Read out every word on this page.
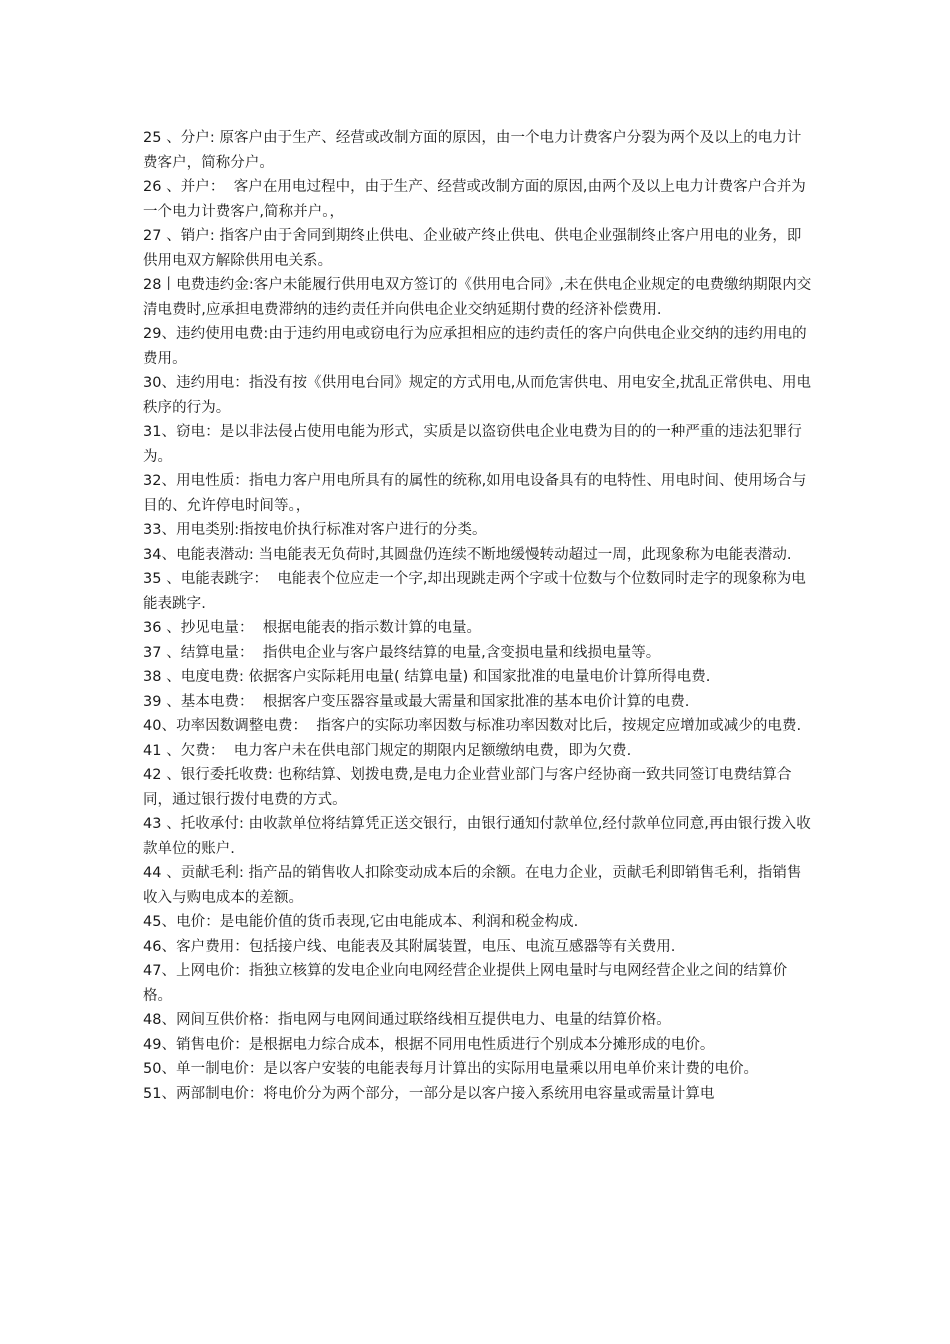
25 、分户: 原客户由于生产、经营或改制方面的原因，由一个电力计费客户分裂为两个及以上的电力计费客户，简称分户。

26 、并户：  客户在用电过程中，由于生产、经营或改制方面的原因,由两个及以上电力计费客户合并为一个电力计费客户,简称并户。，

27 、销户: 指客户由于舍同到期终止供电、企业破产终止供电、供电企业强制终止客户用电的业务，即供用电双方解除供用电关系。

28丨电费违约金:客户未能履行供用电双方签订的《供用电合同》,未在供电企业规定的电费缴纳期限内交清电费时,应承担电费滞纳的违约责任并向供电企业交纳延期付费的经济补偿费用.

29、违约使用电费:由于违约用电或窃电行为应承担相应的违约责任的客户向供电企业交纳的违约用电的费用。

30、违约用电：指没有按《供用电台同》规定的方式用电,从而危害供电、用电安全,扰乱正常供电、用电秩序的行为。

31、窃电：是以非法侵占使用电能为形式，实质是以盗窃供电企业电费为目的的一种严重的违法犯罪行为。

32、用电性质：指电力客户用电所具有的属性的统称,如用电设备具有的电特性、用电时间、使用场合与目的、允许停电时间等。，

33、用电类别:指按电价执行标准对客户进行的分类。

34、电能表潜动: 当电能表无负荷时,其圆盘仍连续不断地缓慢转动超过一周，此现象称为电能表潜动.

35 、电能表跳字：  电能表个位应走一个字,却出现跳走两个字或十位数与个位数同时走字的现象称为电能表跳字.

36 、抄见电量：  根据电能表的指示数计算的电量。

37 、结算电量：  指供电企业与客户最终结算的电量,含变损电量和线损电量等。

38 、电度电费: 依据客户实际耗用电量( 结算电量) 和国家批准的电量电价计算所得电费.

39 、基本电费：  根据客户变压器容量或最大需量和国家批准的基本电价计算的电费.

40、功率因数调整电费：  指客户的实际功率因数与标准功率因数对比后，按规定应增加或减少的电费.

41 、欠费：  电力客户未在供电部门规定的期限内足额缴纳电费，即为欠费.

42 、银行委托收费: 也称结算、划拨电费,是电力企业营业部门与客户经协商一致共同签订电费结算合同，通过银行拨付电费的方式。

43 、托收承付: 由收款单位将结算凭正送交银行，由银行通知付款单位,经付款单位同意,再由银行拨入收款单位的账户.

44 、贡献毛利: 指产品的销售收人扣除变动成本后的余额。在电力企业，贡献毛利即销售毛利，指销售收入与购电成本的差额。

45、电价：是电能价值的货币表现,它由电能成本、利润和税金构成.

46、客户费用：包括接户线、电能表及其附属装置，电压、电流互感器等有关费用.

47、上网电价：指独立核算的发电企业向电网经营企业提供上网电量时与电网经营企业之间的结算价格。

48、网间互供价格：指电网与电网间通过联络线相互提供电力、电量的结算价格。

49、销售电价：是根据电力综合成本，根据不同用电性质进行个别成本分摊形成的电价。

50、单一制电价：是以客户安装的电能表每月计算出的实际用电量乘以用电单价来计费的电价。

51、两部制电价：将电价分为两个部分，一部分是以客户接入系统用电容量或需量计算电
